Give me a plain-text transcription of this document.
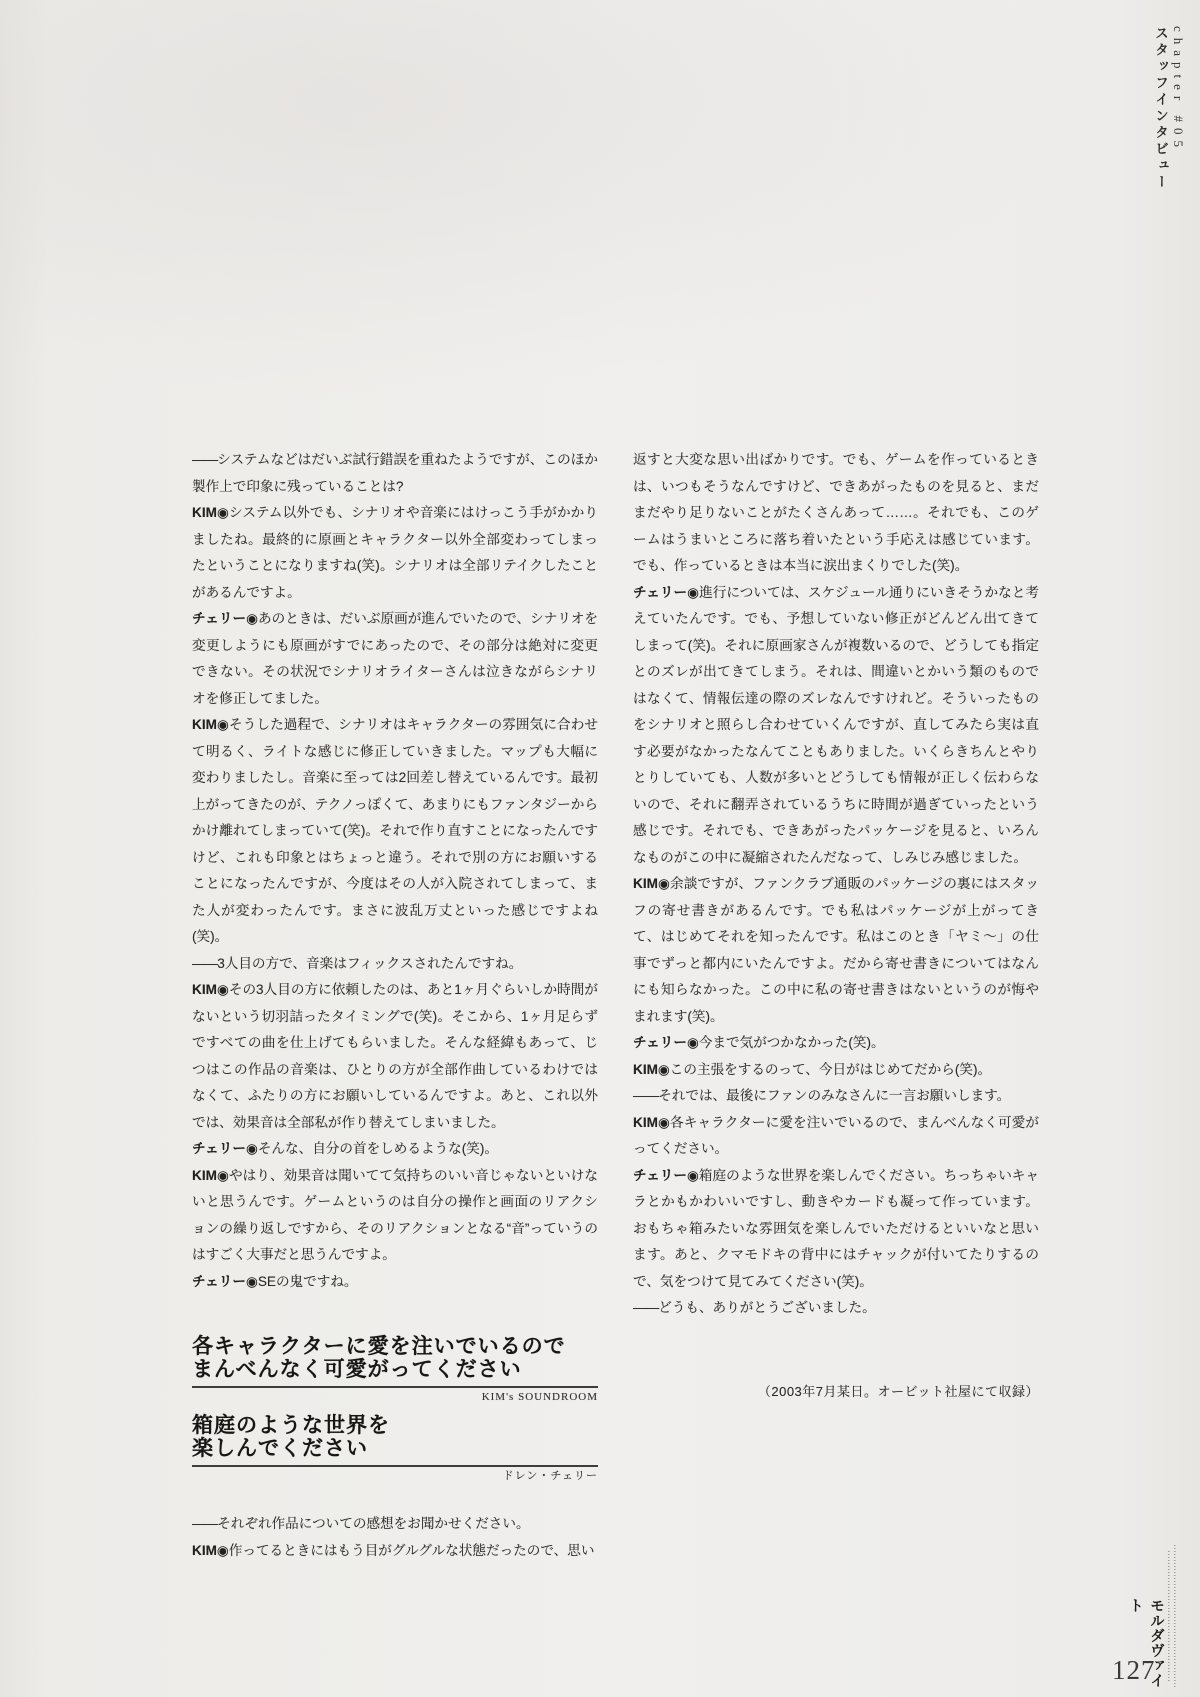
chapter #05
スタッフインタビュー

――システムなどはだいぶ試行錯誤を重ねたようですが、このほか製作上で印象に残っていることは?

KIM◉システム以外でも、シナリオや音楽にはけっこう手がかかりましたね。最終的に原画とキャラクター以外全部変わってしまったということになりますね(笑)。シナリオは全部リテイクしたことがあるんですよ。

チェリー◉あのときは、だいぶ原画が進んでいたので、シナリオを変更しようにも原画がすでにあったので、その部分は絶対に変更できない。その状況でシナリオライターさんは泣きながらシナリオを修正してました。

KIM◉そうした過程で、シナリオはキャラクターの雰囲気に合わせて明るく、ライトな感じに修正していきました。マップも大幅に変わりましたし。音楽に至っては2回差し替えているんです。最初上がってきたのが、テクノっぽくて、あまりにもファンタジーからかけ離れてしまっていて(笑)。それで作り直すことになったんですけど、これも印象とはちょっと違う。それで別の方にお願いすることになったんですが、今度はその人が入院されてしまって、また人が変わったんです。まさに波乱万丈といった感じですよね(笑)。

――3人目の方で、音楽はフィックスされたんですね。

KIM◉その3人目の方に依頼したのは、あと1ヶ月ぐらいしか時間がないという切羽詰ったタイミングで(笑)。そこから、1ヶ月足らずですべての曲を仕上げてもらいました。そんな経緯もあって、じつはこの作品の音楽は、ひとりの方が全部作曲しているわけではなくて、ふたりの方にお願いしているんですよ。あと、これ以外では、効果音は全部私が作り替えてしまいました。

チェリー◉そんな、自分の首をしめるような(笑)。

KIM◉やはり、効果音は聞いてて気持ちのいい音じゃないといけないと思うんです。ゲームというのは自分の操作と画面のリアクションの繰り返しですから、そのリアクションとなる“音”っていうのはすごく大事だと思うんですよ。

チェリー◉SEの鬼ですね。

各キャラクターに愛を注いでいるので
まんべんなく可愛がってください
KIM's SOUNDROOM
箱庭のような世界を
楽しんでください
ドレン・チェリー

――それぞれ作品についての感想をお聞かせください。

KIM◉作ってるときにはもう目がグルグルな状態だったので、思い

返すと大変な思い出ばかりです。でも、ゲームを作っているときは、いつもそうなんですけど、できあがったものを見ると、まだまだやり足りないことがたくさんあって……。それでも、このゲームはうまいところに落ち着いたという手応えは感じています。でも、作っているときは本当に涙出まくりでした(笑)。

チェリー◉進行については、スケジュール通りにいきそうかなと考えていたんです。でも、予想していない修正がどんどん出てきてしまって(笑)。それに原画家さんが複数いるので、どうしても指定とのズレが出てきてしまう。それは、間違いとかいう類のものではなくて、情報伝達の際のズレなんですけれど。そういったものをシナリオと照らし合わせていくんですが、直してみたら実は直す必要がなかったなんてこともありました。いくらきちんとやりとりしていても、人数が多いとどうしても情報が正しく伝わらないので、それに翻弄されているうちに時間が過ぎていったという感じです。それでも、できあがったパッケージを見ると、いろんなものがこの中に凝縮されたんだなって、しみじみ感じました。

KIM◉余談ですが、ファンクラブ通販のパッケージの裏にはスタッフの寄せ書きがあるんです。でも私はパッケージが上がってきて、はじめてそれを知ったんです。私はこのとき「ヤミ〜」の仕事でずっと都内にいたんですよ。だから寄せ書きについてはなんにも知らなかった。この中に私の寄せ書きはないというのが悔やまれます(笑)。

チェリー◉今まで気がつかなかった(笑)。

KIM◉この主張をするのって、今日がはじめてだから(笑)。

――それでは、最後にファンのみなさんに一言お願いします。

KIM◉各キャラクターに愛を注いでいるので、まんべんなく可愛がってください。

チェリー◉箱庭のような世界を楽しんでください。ちっちゃいキャラとかもかわいいですし、動きやカードも凝って作っています。おもちゃ箱みたいな雰囲気を楽しんでいただけるといいなと思います。あと、クマモドキの背中にはチャックが付いてたりするので、気をつけて見てみてください(笑)。

――どうも、ありがとうございました。

（2003年7月某日。オービット社屋にて収録）
モルダヴァイト
127
